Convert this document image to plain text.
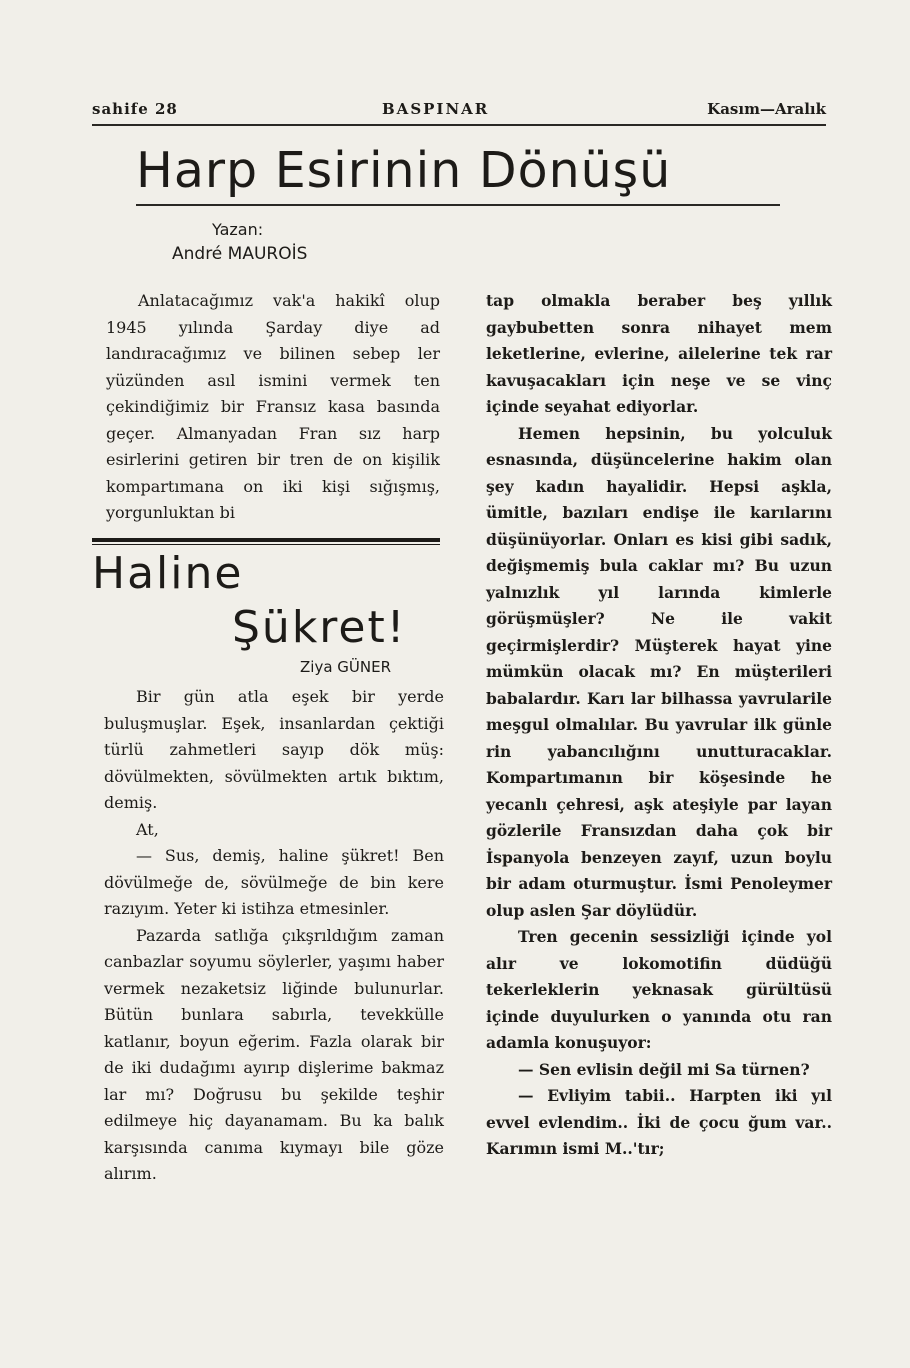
sahife 28	BASPINAR	Kasım—Aralık
Harp Esirinin Dönüşü
Yazan:
André MAUROİS

Anlatacağımız vak'a hakikî olup 1945 yılında Şarday diye ad landıracağımız ve bilinen sebep ler yüzünden asıl ismini vermek ten çekindiğimiz bir Fransız kasa basında geçer. Almanyadan Fran sız harp esirlerini getiren bir tren de on kişilik kompartımana on iki kişi sığışmış, yorgunluktan bi

tap olmakla beraber beş yıllık gaybubetten sonra nihayet mem leketlerine, evlerine, ailelerine tek rar kavuşacakları için neşe ve se vinç içinde seyahat ediyorlar.

Hemen hepsinin, bu yolculuk esnasında, düşüncelerine hakim olan şey kadın hayalidir. Hepsi aşkla, ümitle, bazıları endişe ile karılarını düşünüyorlar. Onları es kisi gibi sadık, değişmemiş bula caklar mı? Bu uzun yalnızlık yıl larında kimlerle görüşmüşler? Ne ile vakit geçirmişlerdir? Müşterek hayat yine mümkün olacak mı? En müşterileri babalardır. Karı lar bilhassa yavrularile meşgul olmalılar. Bu yavrular ilk günle rin yabancılığını unutturacaklar. Kompartımanın bir köşesinde he yecanlı çehresi, aşk ateşiyle par layan gözlerile Fransızdan daha çok bir İspanyola benzeyen zayıf, uzun boylu bir adam oturmuştur. İsmi Penoleymer olup aslen Şar döylüdür.

Tren gecenin sessizliği içinde yol alır ve lokomotifin düdüğü tekerleklerin yeknasak gürültüsü içinde duyulurken o yanında otu ran adamla konuşuyor:

— Sen evlisin değil mi Sa türnen?

— Evliyim tabii.. Harpten iki yıl evvel evlendim.. İki de çocu ğum var.. Karımın ismi M..'tır;

Haline
Şükret!
Ziya GÜNER

Bir gün atla eşek bir yerde buluşmuşlar. Eşek, insanlardan çektiği türlü zahmetleri sayıp dök müş: dövülmekten, sövülmekten artık bıktım, demiş.

At,

— Sus, demiş, haline şükret! Ben dövülmeğe de, sövülmeğe de bin kere razıyım. Yeter ki istihza etmesinler.

Pazarda satlığa çıkşrıldığım zaman canbazlar soyumu söylerler, yaşımı haber vermek nezaketsiz liğinde bulunurlar. Bütün bunlara sabırla, tevekkülle katlanır, boyun eğerim. Fazla olarak bir de iki dudağımı ayırıp dişlerime bakmaz lar mı? Doğrusu bu şekilde teşhir edilmeye hiç dayanamam. Bu ka balık karşısında canıma kıymayı bile göze alırım.
